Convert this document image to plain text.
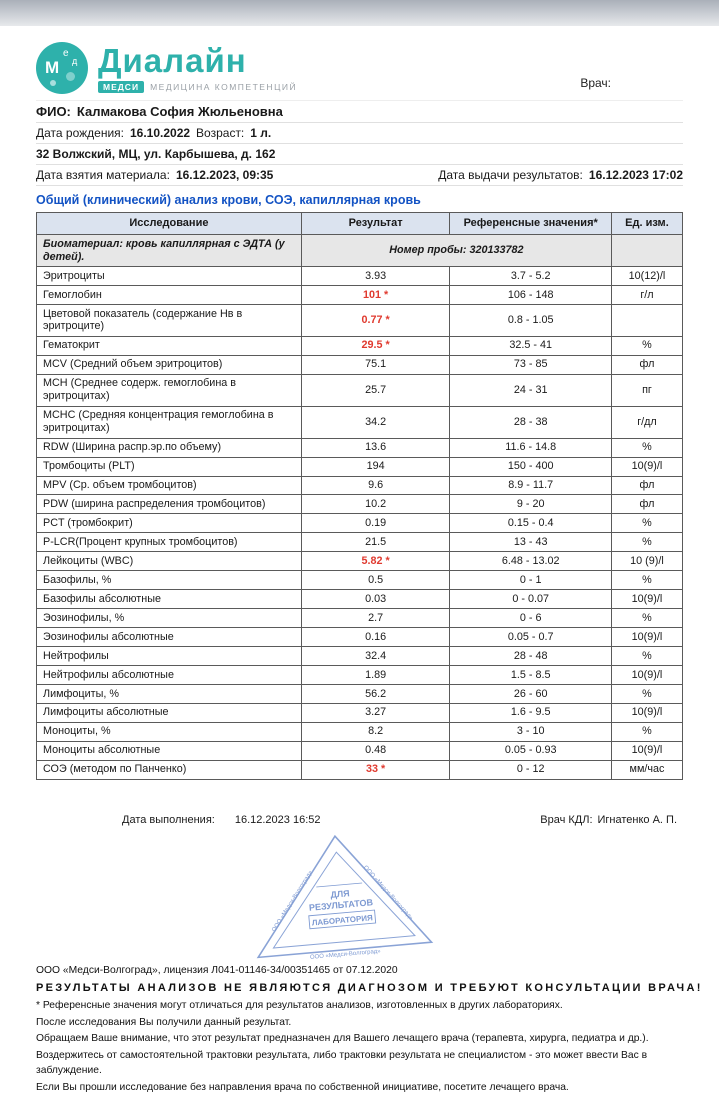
М
е
д Диалайн
МЕДСИ	МЕДИЦИНА КОМПЕТЕНЦИЙ	Врач:
ФИО: Калмакова София Жюльеновна
Дата рождения: 16.10.2022 Возраст: 1 л.
32 Волжский, МЦ, ул. Карбышева, д. 162
Дата взятия материала: 16.12.2023, 09:35	Дата выдачи результатов: 16.12.2023 17:02
Общий (клинический) анализ крови, СОЭ, капиллярная кровь
Исследование	Результат	Референсные значения*	Ед. изм.
Биоматериал: кровь капиллярная с ЭДТА (у детей).	Номер пробы: 320133782		
Эритроциты	3.93	3.7 - 5.2	10(12)/l
Гемоглобин	101 *	106 - 148	г/л
Цветовой показатель (содержание Нв в эритроците)	0.77 *	0.8 - 1.05	
Гематокрит	29.5 *	32.5 - 41	%
MCV (Средний объем эритроцитов)	75.1	73 - 85	фл
MCH (Среднее содерж. гемоглобина в эритроцитах)	25.7	24 - 31	пг
MCHC (Средняя концентрация гемоглобина в эритроцитах)	34.2	28 - 38	г/дл
RDW (Ширина распр.эр.по объему)	13.6	11.6 - 14.8	%
Тромбоциты (PLT)	194	150 - 400	10(9)/l
MPV (Ср. объем тромбоцитов)	9.6	8.9 - 11.7	фл
PDW (ширина распределения тромбоцитов)	10.2	9 - 20	фл
PCT (тромбокрит)	0.19	0.15 - 0.4	%
P-LCR(Процент крупных тромбоцитов)	21.5	13 - 43	%
Лейкоциты (WBC)	5.82 *	6.48 - 13.02	10 (9)/l
Базофилы, %	0.5	0 - 1	%
Базофилы абсолютные	0.03	0 - 0.07	10(9)/l
Эозинофилы, %	2.7	0 - 6	%
Эозинофилы абсолютные	0.16	0.05 - 0.7	10(9)/l
Нейтрофилы	32.4	28 - 48	%
Нейтрофилы абсолютные	1.89	1.5 - 8.5	10(9)/l
Лимфоциты, %	56.2	26 - 60	%
Лимфоциты абсолютные	3.27	1.6 - 9.5	10(9)/l
Моноциты, %	8.2	3 - 10	%
Моноциты абсолютные	0.48	0.05 - 0.93	10(9)/l
СОЭ (методом по Панченко)	33 *	0 - 12	мм/час
Дата выполнения: 16.12.2023 16:52	Врач КДЛ: Игнатенко А. П.
ООО «Медси-Волгоград»	ООО «Медси-Волгоград»
ООО «Медси-Волгоград»
ДЛЯ
РЕЗУЛЬТАТОВ
ЛАБОРАТОРИЯ

ООО «Медси-Волгоград», лицензия Л041-01146-34/00351465 от 07.12.2020

РЕЗУЛЬТАТЫ АНАЛИЗОВ НЕ ЯВЛЯЮТСЯ ДИАГНОЗОМ И ТРЕБУЮТ КОНСУЛЬТАЦИИ ВРАЧА!

* Референсные значения могут отличаться для результатов анализов, изготовленных в других лабораториях.

После исследования Вы получили данный результат.

Обращаем Ваше внимание, что этот результат предназначен для Вашего лечащего врача (терапевта, хирурга, педиатра и др.).

Воздержитесь от самостоятельной трактовки результата, либо трактовки результата не специалистом - это может ввести Вас в заблуждение.

Если Вы прошли исследование без направления врача по собственной инициативе, посетите лечащего врача.
